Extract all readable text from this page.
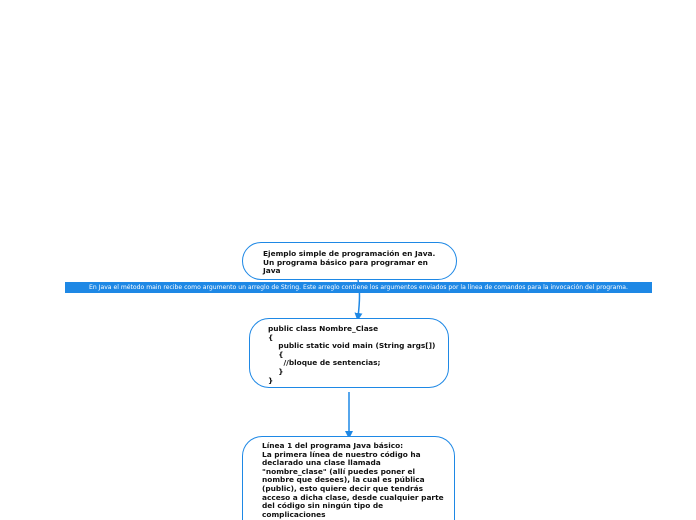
Ejemplo simple de programación en Java.
Un programa básico para programar en
Java
En Java el método main recibe como argumento un arreglo de String. Este arreglo contiene los argumentos enviados por la línea de comandos para la invocación del programa.
public class Nombre_Clase
{
public static void main (String args[])
{
//bloque de sentencias;
}
}
Línea 1 del programa Java básico:
La primera línea de nuestro código ha
declarado una clase llamada
"nombre_clase" (allí puedes poner el
nombre que desees), la cual es pública
(public), esto quiere decir que tendrás
acceso a dicha clase, desde cualquier parte
del código sin ningún tipo de
complicaciones
